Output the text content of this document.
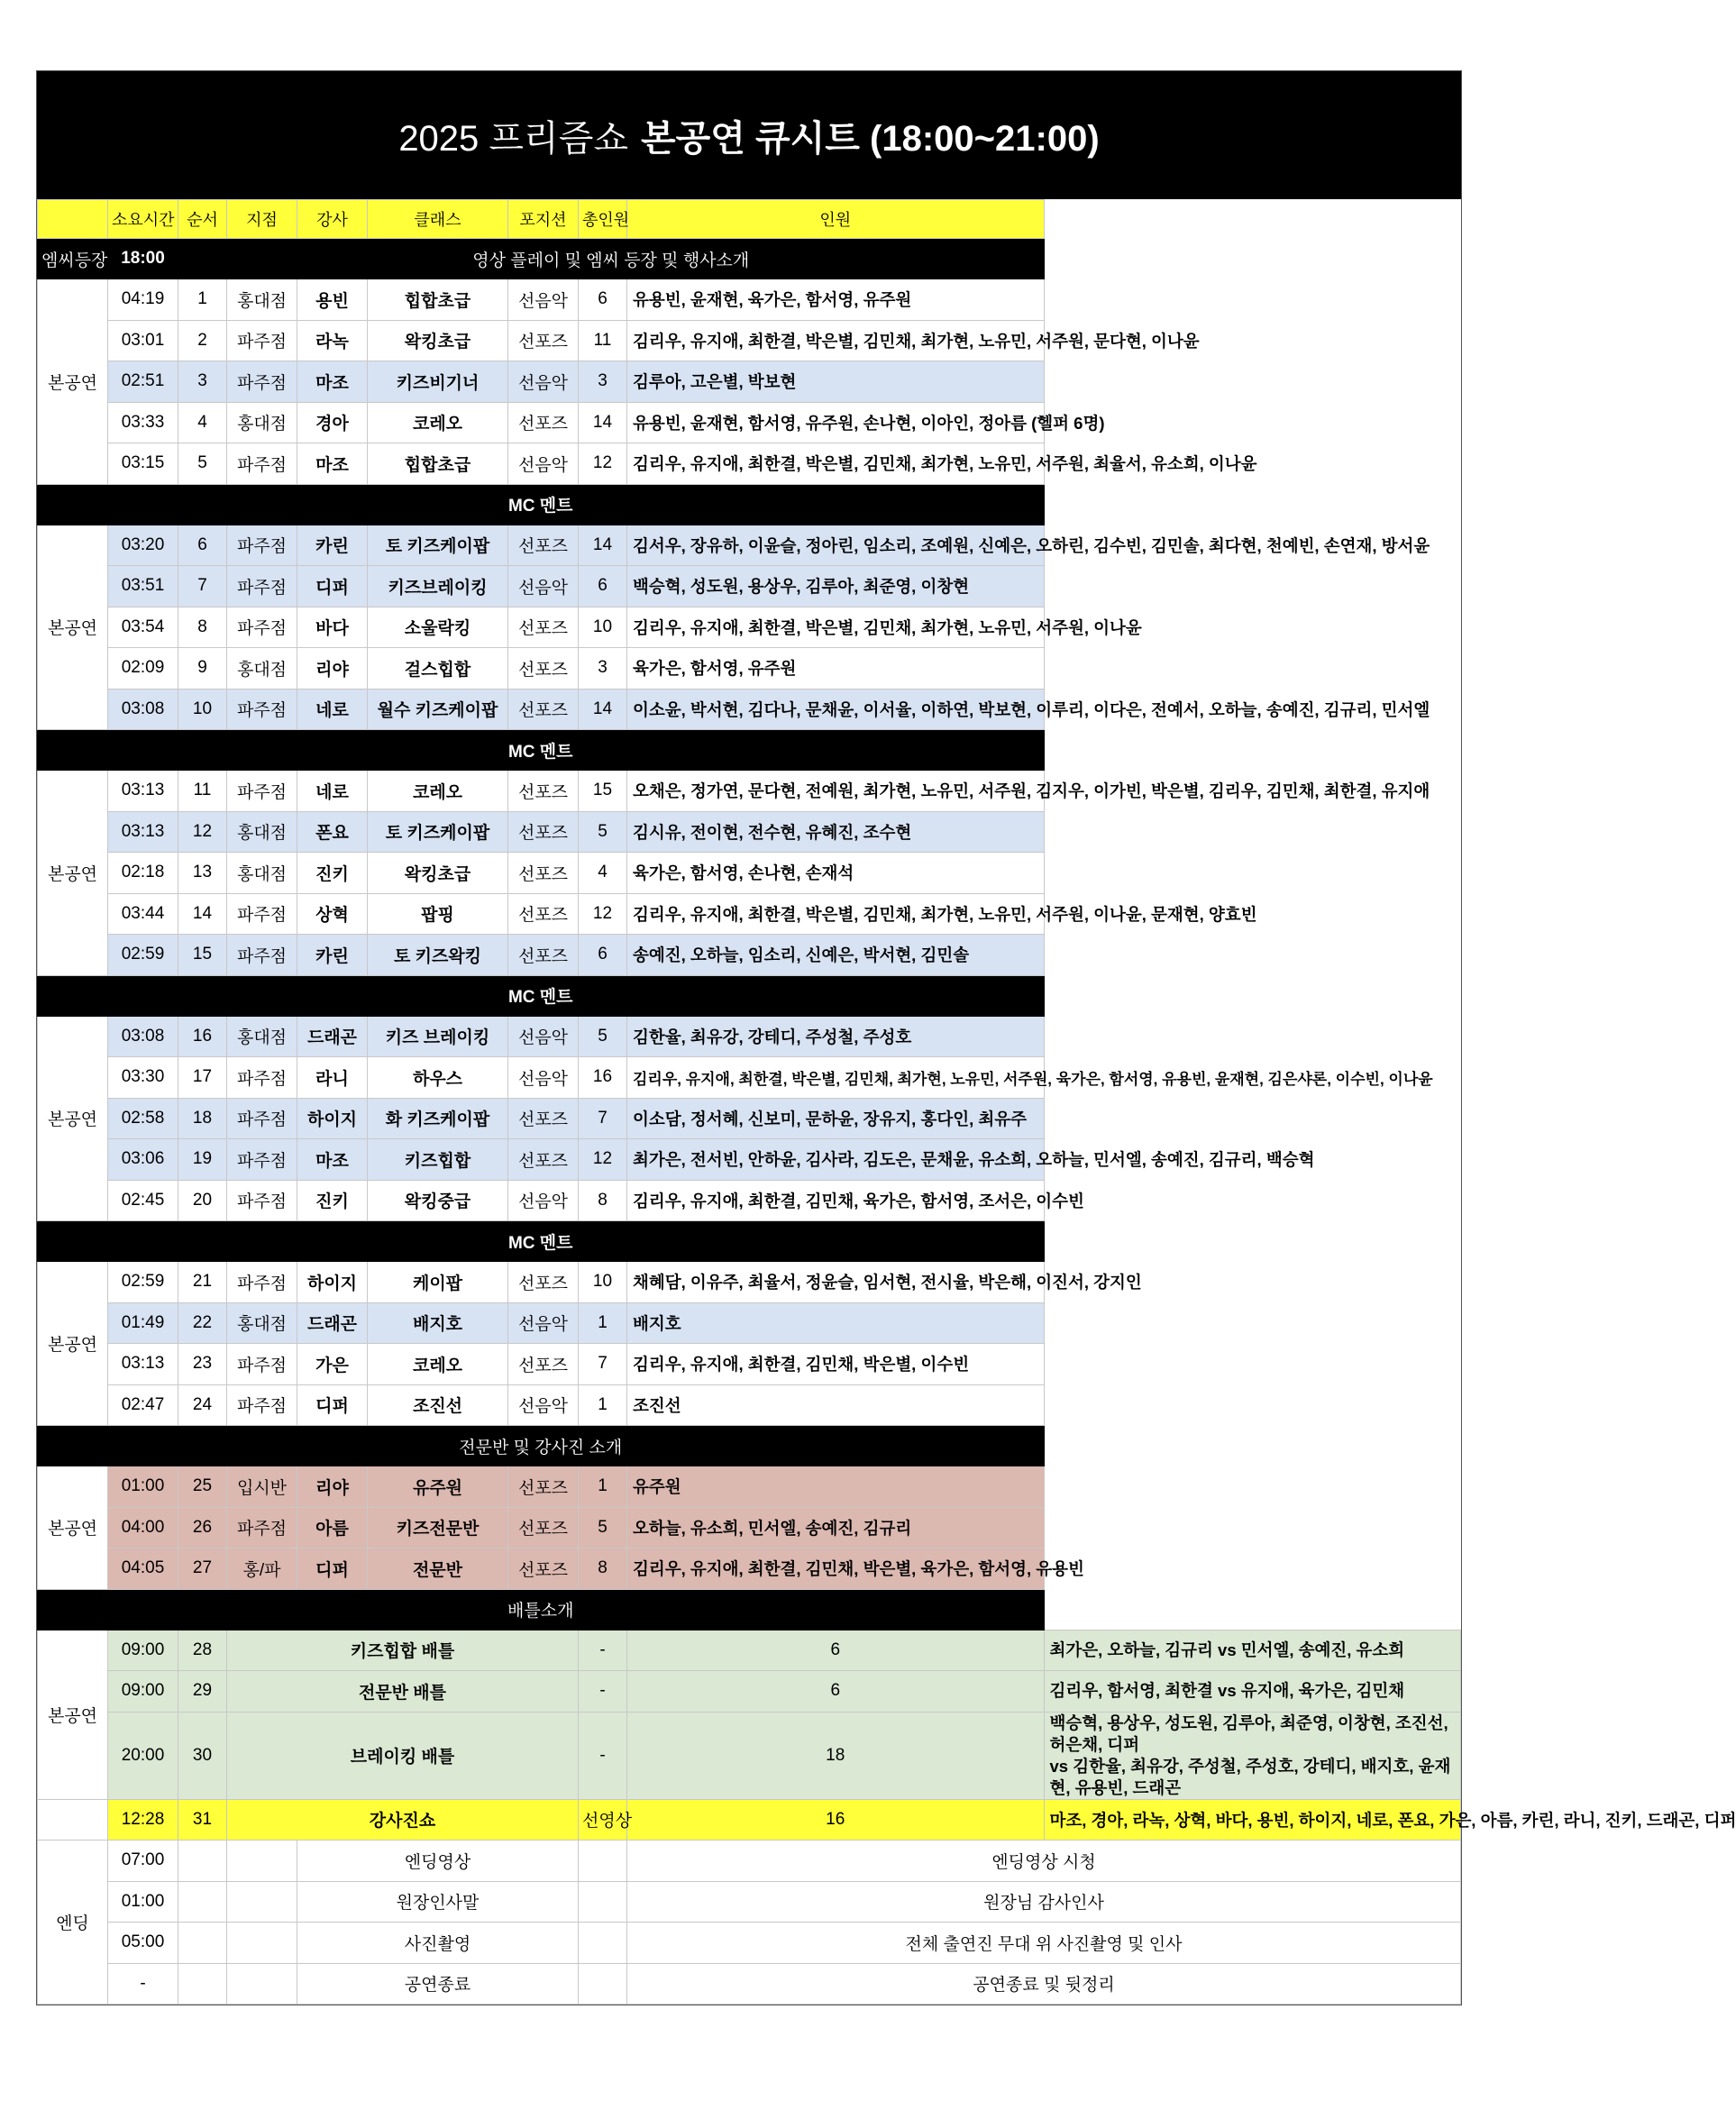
2025 프리즘쇼 본공연 큐시트 (18:00~21:00)
	소요시간	순서	지점	강사	클래스	포지션	총인원	인원	
엠씨등장	18:00	영상 플레이 및 엠씨 등장 및 행사소개							
본공연	04:19	1	홍대점	용빈	힙합초급	선음악	6	유용빈, 윤재현, 육가은, 함서영, 유주원	
	03:01	2	파주점	라녹	왁킹초급	선포즈	11	김리우, 유지애, 최한결, 박은별, 김민채, 최가현, 노유민, 서주원, 문다현, 이나윤	
	02:51	3	파주점	마조	키즈비기너	선음악	3	김루아, 고은별, 박보현	
	03:33	4	홍대점	경아	코레오	선포즈	14	유용빈, 윤재현, 함서영, 유주원, 손나현, 이아인, 정아름 (헬퍼 6명)	
	03:15	5	파주점	마조	힙합초급	선음악	12	김리우, 유지애, 최한결, 박은별, 김민채, 최가현, 노유민, 서주원, 최율서, 유소희, 이나윤	
MC 멘트									
본공연	03:20	6	파주점	카린	토 키즈케이팝	선포즈	14	김서우, 장유하, 이윤슬, 정아린, 임소리, 조예원, 신예은, 오하린, 김수빈, 김민솔, 최다현, 천예빈, 손연재, 방서윤	
	03:51	7	파주점	디퍼	키즈브레이킹	선음악	6	백승혁, 성도원, 용상우, 김루아, 최준영, 이창현	
	03:54	8	파주점	바다	소울락킹	선포즈	10	김리우, 유지애, 최한결, 박은별, 김민채, 최가현, 노유민, 서주원, 이나윤	
	02:09	9	홍대점	리야	걸스힙합	선포즈	3	육가은, 함서영, 유주원	
	03:08	10	파주점	네로	월수 키즈케이팝	선포즈	14	이소윤, 박서현, 김다나, 문채윤, 이서율, 이하연, 박보현, 이루리, 이다은, 전예서, 오하늘, 송예진, 김규리, 민서엘	
MC 멘트									
본공연	03:13	11	파주점	네로	코레오	선포즈	15	오채은, 정가연, 문다현, 전예원, 최가현, 노유민, 서주원, 김지우, 이가빈, 박은별, 김리우, 김민채, 최한결, 유지애	
	03:13	12	홍대점	폰요	토 키즈케이팝	선포즈	5	김시유, 전이현, 전수현, 유혜진, 조수현	
	02:18	13	홍대점	진키	왁킹초급	선포즈	4	육가은, 함서영, 손나현, 손재석	
	03:44	14	파주점	상혁	팝핑	선포즈	12	김리우, 유지애, 최한결, 박은별, 김민채, 최가현, 노유민, 서주원, 이나윤, 문재현, 양효빈	
	02:59	15	파주점	카린	토 키즈왁킹	선포즈	6	송예진, 오하늘, 임소리, 신예은, 박서현, 김민솔	
MC 멘트									
본공연	03:08	16	홍대점	드래곤	키즈 브레이킹	선음악	5	김한율, 최유강, 강테디, 주성철, 주성호	
	03:30	17	파주점	라니	하우스	선음악	16	김리우, 유지애, 최한결, 박은별, 김민채, 최가현, 노유민, 서주원, 육가은, 함서영, 유용빈, 윤재현, 김은샤론, 이수빈, 이나윤	
	02:58	18	파주점	하이지	화 키즈케이팝	선포즈	7	이소담, 정서혜, 신보미, 문하윤, 장유지, 홍다인, 최유주	
	03:06	19	파주점	마조	키즈힙합	선포즈	12	최가은, 전서빈, 안하윤, 김사라, 김도은, 문채윤, 유소희, 오하늘, 민서엘, 송예진, 김규리, 백승혁	
	02:45	20	파주점	진키	왁킹중급	선음악	8	김리우, 유지애, 최한결, 김민채, 육가은, 함서영, 조서은, 이수빈	
MC 멘트									
본공연	02:59	21	파주점	하이지	케이팝	선포즈	10	채혜담, 이유주, 최율서, 정윤슬, 임서현, 전시율, 박은해, 이진서, 강지인	
	01:49	22	홍대점	드래곤	배지호	선음악	1	배지호	
	03:13	23	파주점	가은	코레오	선포즈	7	김리우, 유지애, 최한결, 김민채, 박은별, 이수빈	
	02:47	24	파주점	디퍼	조진선	선음악	1	조진선	
전문반 및 강사진 소개									
본공연	01:00	25	입시반	리야	유주원	선포즈	1	유주원	
	04:00	26	파주점	아름	키즈전문반	선포즈	5	오하늘, 유소희, 민서엘, 송예진, 김규리	
	04:05	27	홍/파	디퍼	전문반	선포즈	8	김리우, 유지애, 최한결, 김민채, 박은별, 육가은, 함서영, 유용빈	
배틀소개									
본공연	09:00	28	키즈힙합 배틀				-	6	최가은, 오하늘, 김규리 vs 민서엘, 송예진, 유소희

	09:00	29	전문반 배틀				-	6	김리우, 함서영, 최한결 vs 유지애, 육가은, 김민채

	20:00	30	브레이킹 배틀				-	18	백승혁, 용상우, 성도원, 김루아, 최준영, 이창현, 조진선, 허은채, 디퍼
vs 김한율, 최유강, 주성철, 주성호, 강테디, 배지호, 윤재현, 유용빈, 드래곤

	12:28	31	강사진쇼				선영상	16	마조, 경아, 라녹, 상혁, 바다, 용빈, 하이지, 네로, 폰요, 가은, 아름, 카린, 라니, 진키, 드래곤, 디퍼
엔딩	07:00			엔딩영상				엔딩영상 시청	
	01:00			원장인사말				원장님 감사인사	
	05:00			사진촬영				전체 출연진 무대 위 사진촬영 및 인사	
	-			공연종료				공연종료 및 뒷정리	
